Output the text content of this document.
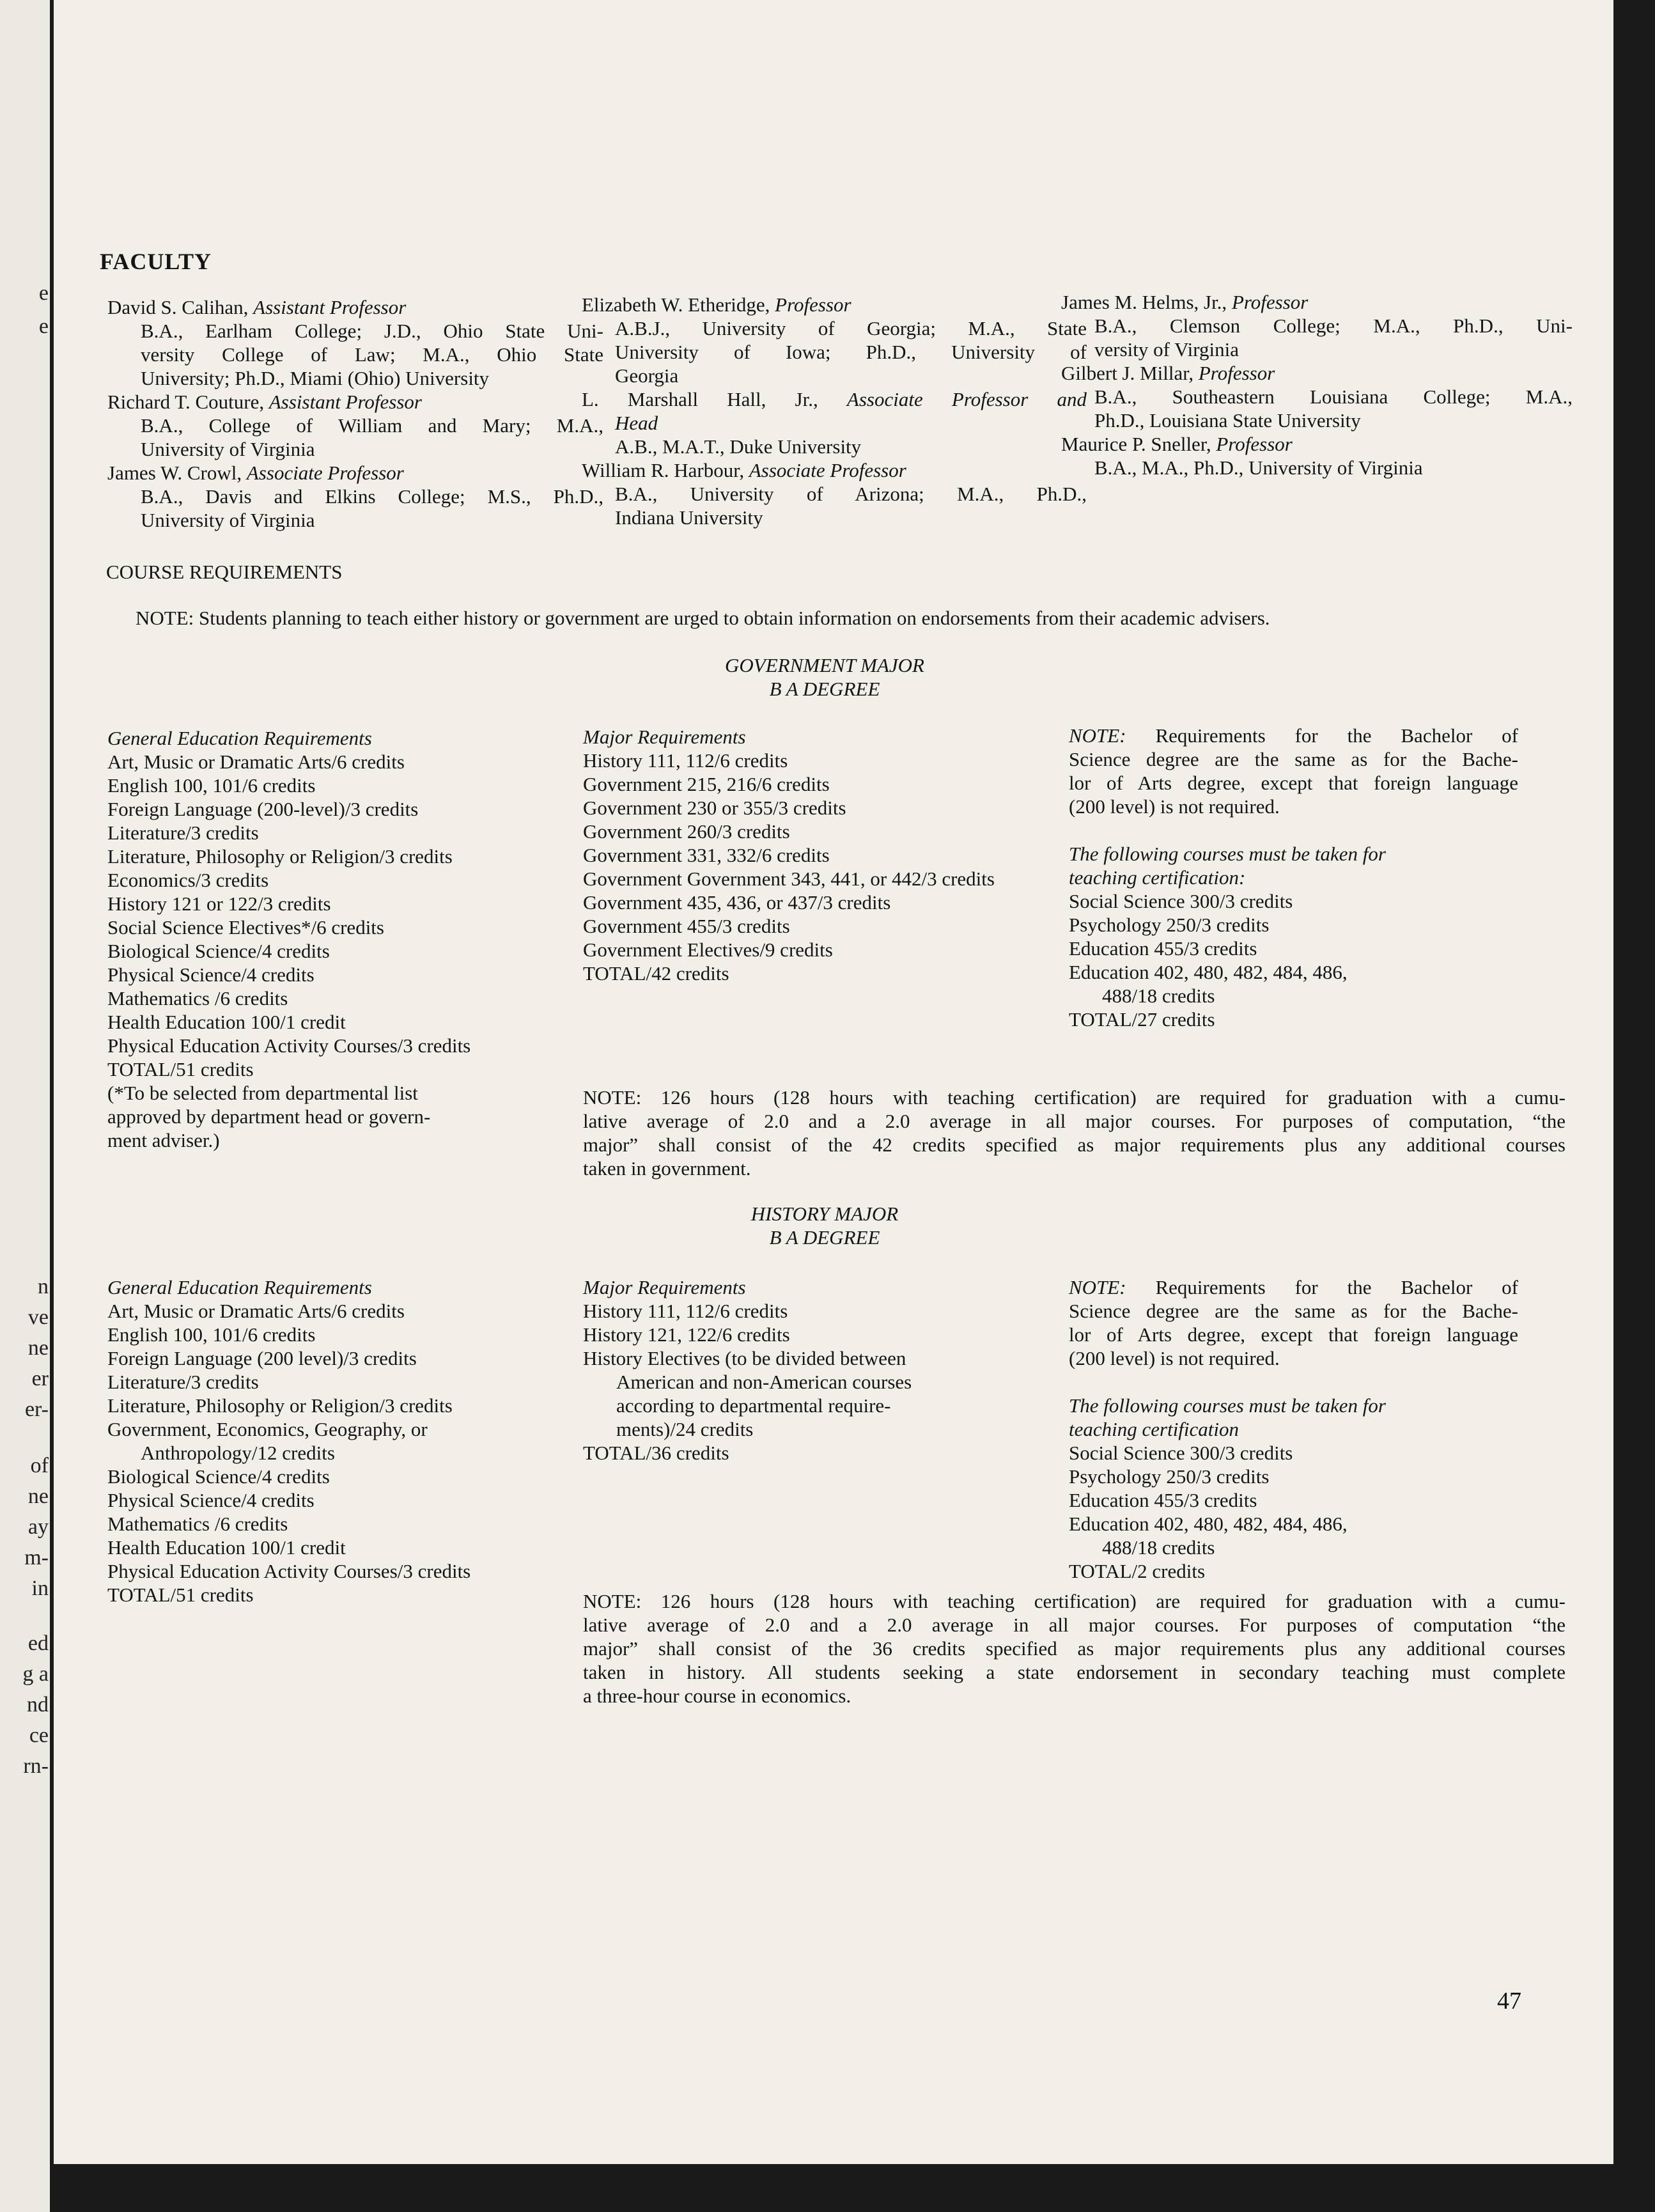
e
e
n
ve
ne
er
er-
of
ne
ay
m-
in
ed
g a
nd
ce
rn-
FACULTY
David S. Calihan, Assistant Professor
B.A., Earlham College; J.D., Ohio State Uni-
versity College of Law; M.A., Ohio State
University; Ph.D., Miami (Ohio) University
Richard T. Couture, Assistant Professor
B.A., College of William and Mary; M.A.,
University of Virginia
James W. Crowl, Associate Professor
B.A., Davis and Elkins College; M.S., Ph.D.,
University of Virginia
Elizabeth W. Etheridge, Professor
A.B.J., University of Georgia; M.A., State
University of Iowa; Ph.D., University of
Georgia
L. Marshall Hall, Jr., Associate Professor and
Head
A.B., M.A.T., Duke University
William R. Harbour, Associate Professor
B.A., University of Arizona; M.A., Ph.D.,
Indiana University
James M. Helms, Jr., Professor
B.A., Clemson College; M.A., Ph.D., Uni-
versity of Virginia
Gilbert J. Millar, Professor
B.A., Southeastern Louisiana College; M.A.,
Ph.D., Louisiana State University
Maurice P. Sneller, Professor
B.A., M.A., Ph.D., University of Virginia
COURSE REQUIREMENTS
NOTE: Students planning to teach either history or government are urged to obtain information on endorsements from their academic advisers.
GOVERNMENT MAJOR
B A DEGREE
General Education Requirements
Art, Music or Dramatic Arts/6 credits
English 100, 101/6 credits
Foreign Language (200-level)/3 credits
Literature/3 credits
Literature, Philosophy or Religion/3 credits
Economics/3 credits
History 121 or 122/3 credits
Social Science Electives*/6 credits
Biological Science/4 credits
Physical Science/4 credits
Mathematics /6 credits
Health Education 100/1 credit
Physical Education Activity Courses/3 credits
TOTAL/51 credits
(*To be selected from departmental list
approved by department head or govern-
ment adviser.)
Major Requirements
History 111, 112/6 credits
Government 215, 216/6 credits
Government 230 or 355/3 credits
Government 260/3 credits
Government 331, 332/6 credits
Government Government 343, 441, or 442/3 credits
Government 435, 436, or 437/3 credits
Government 455/3 credits
Government Electives/9 credits
TOTAL/42 credits
NOTE: Requirements for the Bachelor of
Science degree are the same as for the Bache-
lor of Arts degree, except that foreign language
(200 level) is not required.
The following courses must be taken for
teaching certification:
Social Science 300/3 credits
Psychology 250/3 credits
Education 455/3 credits
Education 402, 480, 482, 484, 486,
488/18 credits
TOTAL/27 credits
NOTE: 126 hours (128 hours with teaching certification) are required for graduation with a cumu-
lative average of 2.0 and a 2.0 average in all major courses. For purposes of computation, “the
major” shall consist of the 42 credits specified as major requirements plus any additional courses
taken in government.
HISTORY MAJOR
B A DEGREE
General Education Requirements
Art, Music or Dramatic Arts/6 credits
English 100, 101/6 credits
Foreign Language (200 level)/3 credits
Literature/3 credits
Literature, Philosophy or Religion/3 credits
Government, Economics, Geography, or
Anthropology/12 credits
Biological Science/4 credits
Physical Science/4 credits
Mathematics /6 credits
Health Education 100/1 credit
Physical Education Activity Courses/3 credits
TOTAL/51 credits
Major Requirements
History 111, 112/6 credits
History 121, 122/6 credits
History Electives (to be divided between
American and non-American courses
according to departmental require-
ments)/24 credits
TOTAL/36 credits
NOTE: Requirements for the Bachelor of
Science degree are the same as for the Bache-
lor of Arts degree, except that foreign language
(200 level) is not required.
The following courses must be taken for
teaching certification
Social Science 300/3 credits
Psychology 250/3 credits
Education 455/3 credits
Education 402, 480, 482, 484, 486,
488/18 credits
TOTAL/2 credits
NOTE: 126 hours (128 hours with teaching certification) are required for graduation with a cumu-
lative average of 2.0 and a 2.0 average in all major courses. For purposes of computation “the
major” shall consist of the 36 credits specified as major requirements plus any additional courses
taken in history. All students seeking a state endorsement in secondary teaching must complete
a three-hour course in economics.
47
